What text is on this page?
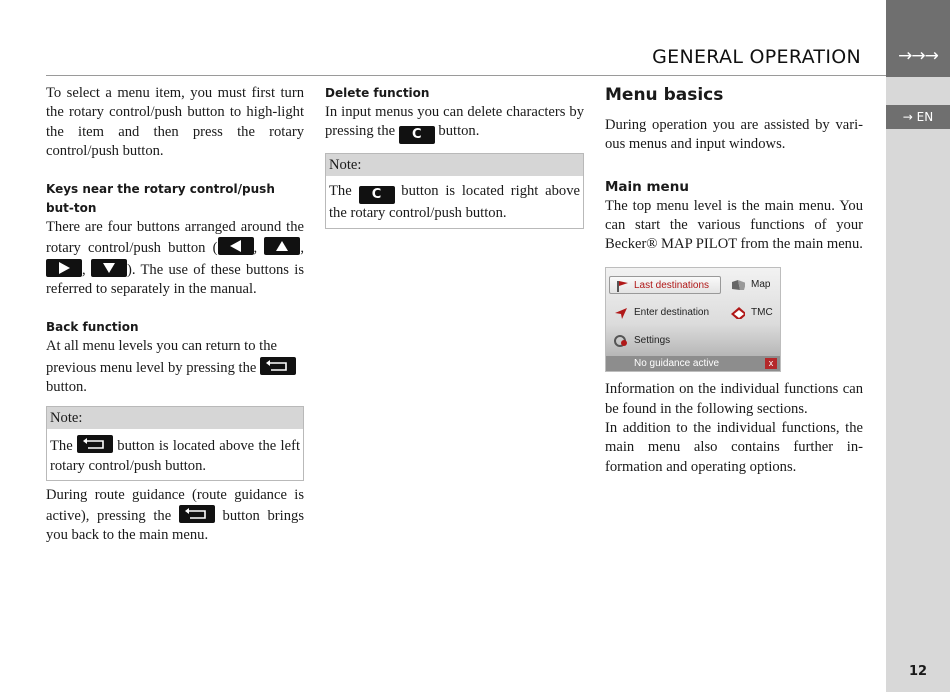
→→→
→ EN
GENERAL OPERATION

To select a menu item, you must first turn the rotary control/push button to high-light the item and then press the rotary control/push button.

Keys near the rotary control/push but-ton

There are four buttons arranged around the rotary control/push button ( ,	,
,	). The use of these buttons is referred to separately in the manual.

Back function

At all menu levels you can return to the previous menu level by pressing the
button.

Note:
The	button is located above the left rotary control/push button.

During route guidance (route guidance is active), pressing the	button brings you back to the main menu.

Delete function

In input menus you can delete characters by pressing the C button.

Note:
The C button is located right above the rotary control/push button.
Menu basics

During operation you are assisted by vari-ous menus and input windows.

Main menu

The top menu level is the main menu. You can start the various functions of your Becker® MAP PILOT from the main menu.

Last destinations	Map
Enter destination	TMC
Settings
No guidance active	x

Information on the individual functions can be found in the following sections.

In addition to the individual functions, the main menu also contains further in-formation and operating options.

12
